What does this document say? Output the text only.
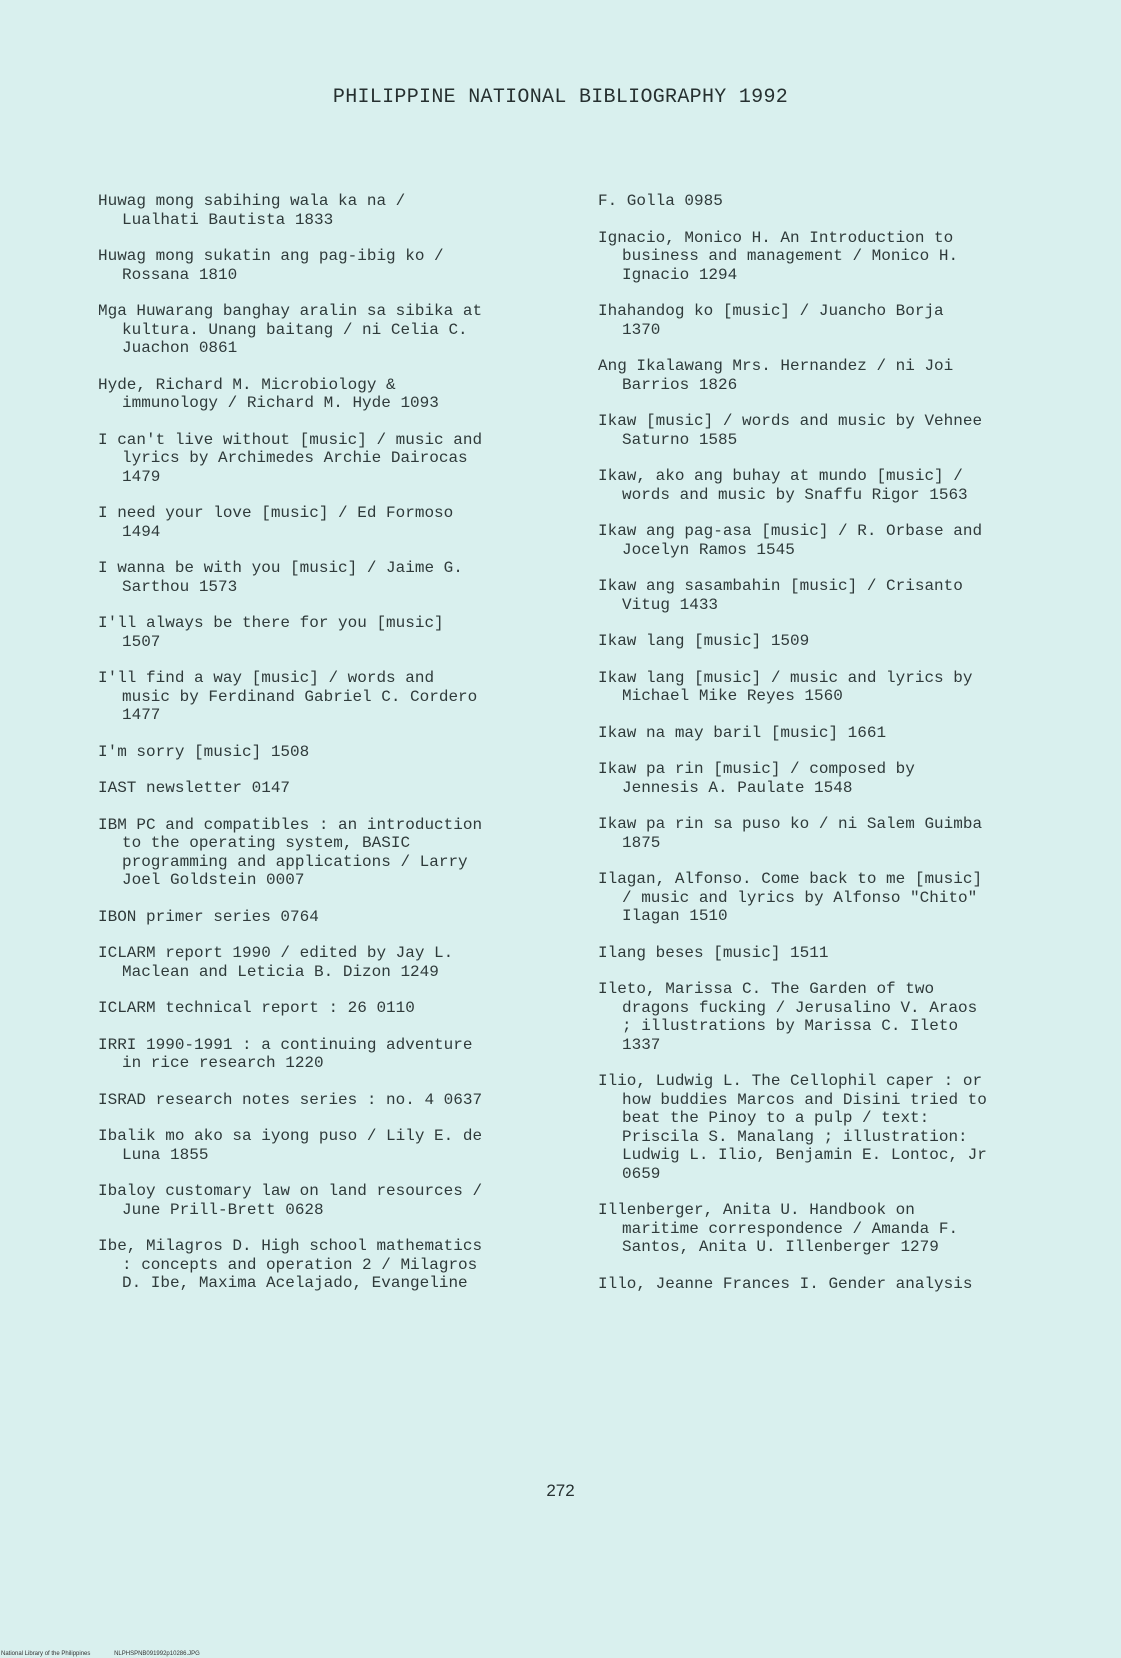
PHILIPPINE NATIONAL BIBLIOGRAPHY 1992
Huwag mong sabihing wala ka na /
Lualhati Bautista 1833
Huwag mong sukatin ang pag-ibig ko /
Rossana 1810
Mga Huwarang banghay aralin sa sibika at
kultura. Unang baitang / ni Celia C.
Juachon 0861
Hyde, Richard M. Microbiology &
immunology / Richard M. Hyde 1093
I can't live without [music] / music and
lyrics by Archimedes Archie Dairocas
1479
I need your love [music] / Ed Formoso
1494
I wanna be with you [music] / Jaime G.
Sarthou 1573
I'll always be there for you [music]
1507
I'll find a way [music] / words and
music by Ferdinand Gabriel C. Cordero
1477
I'm sorry [music] 1508
IAST newsletter 0147
IBM PC and compatibles : an introduction
to the operating system, BASIC
programming and applications / Larry
Joel Goldstein 0007
IBON primer series 0764
ICLARM report 1990 / edited by Jay L.
Maclean and Leticia B. Dizon 1249
ICLARM technical report : 26 0110
IRRI 1990-1991 : a continuing adventure
in rice research 1220
ISRAD research notes series : no. 4 0637
Ibalik mo ako sa iyong puso / Lily E. de
Luna 1855
Ibaloy customary law on land resources /
June Prill-Brett 0628
Ibe, Milagros D. High school mathematics
: concepts and operation 2 / Milagros
D. Ibe, Maxima Acelajado, Evangeline
F. Golla 0985
Ignacio, Monico H. An Introduction to
business and management / Monico H.
Ignacio 1294
Ihahandog ko [music] / Juancho Borja
1370
Ang Ikalawang Mrs. Hernandez / ni Joi
Barrios 1826
Ikaw [music] / words and music by Vehnee
Saturno 1585
Ikaw, ako ang buhay at mundo [music] /
words and music by Snaffu Rigor 1563
Ikaw ang pag-asa [music] / R. Orbase and
Jocelyn Ramos 1545
Ikaw ang sasambahin [music] / Crisanto
Vitug 1433
Ikaw lang [music] 1509
Ikaw lang [music] / music and lyrics by
Michael Mike Reyes 1560
Ikaw na may baril [music] 1661
Ikaw pa rin [music] / composed by
Jennesis A. Paulate 1548
Ikaw pa rin sa puso ko / ni Salem Guimba
1875
Ilagan, Alfonso. Come back to me [music]
/ music and lyrics by Alfonso "Chito"
Ilagan 1510
Ilang beses [music] 1511
Ileto, Marissa C. The Garden of two
dragons fucking / Jerusalino V. Araos
; illustrations by Marissa C. Ileto
1337
Ilio, Ludwig L. The Cellophil caper : or
how buddies Marcos and Disini tried to
beat the Pinoy to a pulp / text:
Priscila S. Manalang ; illustration:
Ludwig L. Ilio, Benjamin E. Lontoc, Jr
0659
Illenberger, Anita U. Handbook on
maritime correspondence / Amanda F.
Santos, Anita U. Illenberger 1279
Illo, Jeanne Frances I. Gender analysis
272
National Library of the Philippines	NLPHSPNB091992p10286.JPG
